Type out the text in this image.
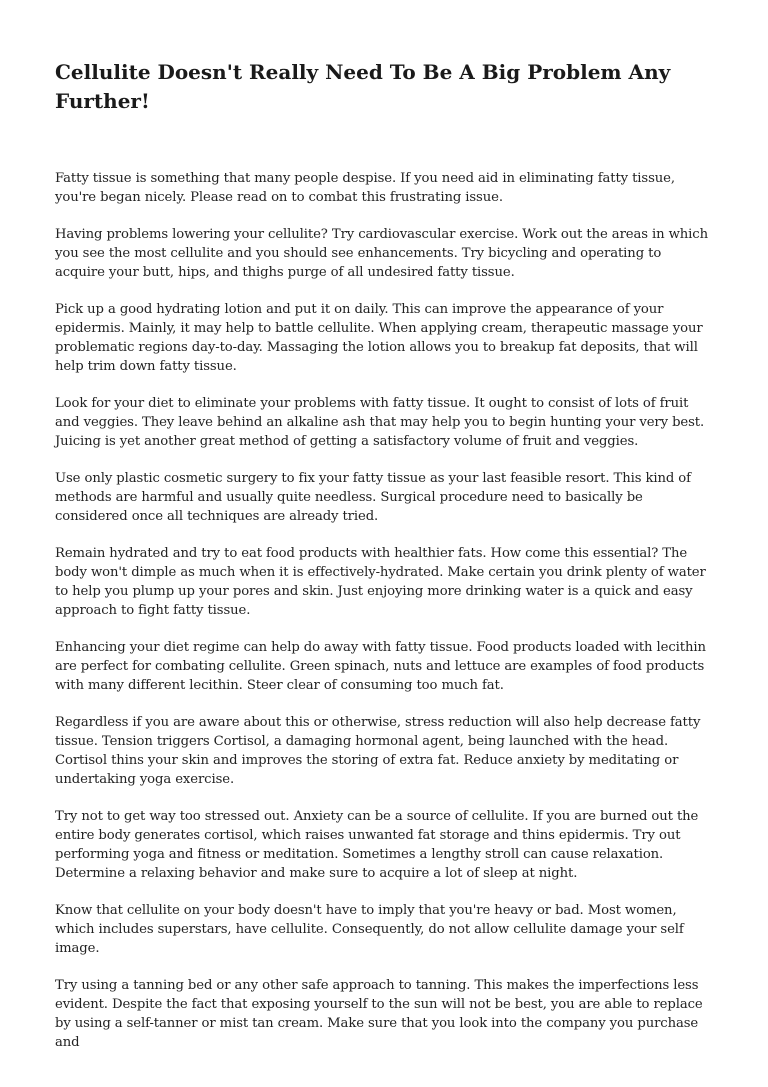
Cellulite Doesn't Really Need To Be A Big Problem Any Further!

Fatty tissue is something that many people despise. If you need aid in eliminating fatty tissue, you're began nicely. Please read on to combat this frustrating issue.

Having problems lowering your cellulite? Try cardiovascular exercise. Work out the areas in which you see the most cellulite and you should see enhancements. Try bicycling and operating to acquire your butt, hips, and thighs purge of all undesired fatty tissue.

Pick up a good hydrating lotion and put it on daily. This can improve the appearance of your epidermis. Mainly, it may help to battle cellulite. When applying cream, therapeutic massage your problematic regions day-to-day. Massaging the lotion allows you to breakup fat deposits, that will help trim down fatty tissue.

Look for your diet to eliminate your problems with fatty tissue. It ought to consist of lots of fruit and veggies. They leave behind an alkaline ash that may help you to begin hunting your very best. Juicing is yet another great method of getting a satisfactory volume of fruit and veggies.

Use only plastic cosmetic surgery to fix your fatty tissue as your last feasible resort. This kind of methods are harmful and usually quite needless. Surgical procedure need to basically be considered once all techniques are already tried.

Remain hydrated and try to eat food products with healthier fats. How come this essential? The body won't dimple as much when it is effectively-hydrated. Make certain you drink plenty of water to help you plump up your pores and skin. Just enjoying more drinking water is a quick and easy approach to fight fatty tissue.

Enhancing your diet regime can help do away with fatty tissue. Food products loaded with lecithin are perfect for combating cellulite. Green spinach, nuts and lettuce are examples of food products with many different lecithin. Steer clear of consuming too much fat.

Regardless if you are aware about this or otherwise, stress reduction will also help decrease fatty tissue. Tension triggers Cortisol, a damaging hormonal agent, being launched with the head. Cortisol thins your skin and improves the storing of extra fat. Reduce anxiety by meditating or undertaking yoga exercise.

Try not to get way too stressed out. Anxiety can be a source of cellulite. If you are burned out the entire body generates cortisol, which raises unwanted fat storage and thins epidermis. Try out performing yoga and fitness or meditation. Sometimes a lengthy stroll can cause relaxation. Determine a relaxing behavior and make sure to acquire a lot of sleep at night.

Know that cellulite on your body doesn't have to imply that you're heavy or bad. Most women, which includes superstars, have cellulite. Consequently, do not allow cellulite damage your self image.

Try using a tanning bed or any other safe approach to tanning. This makes the imperfections less evident. Despite the fact that exposing yourself to the sun will not be best, you are able to replace by using a self-tanner or mist tan cream. Make sure that you look into the company you purchase and
